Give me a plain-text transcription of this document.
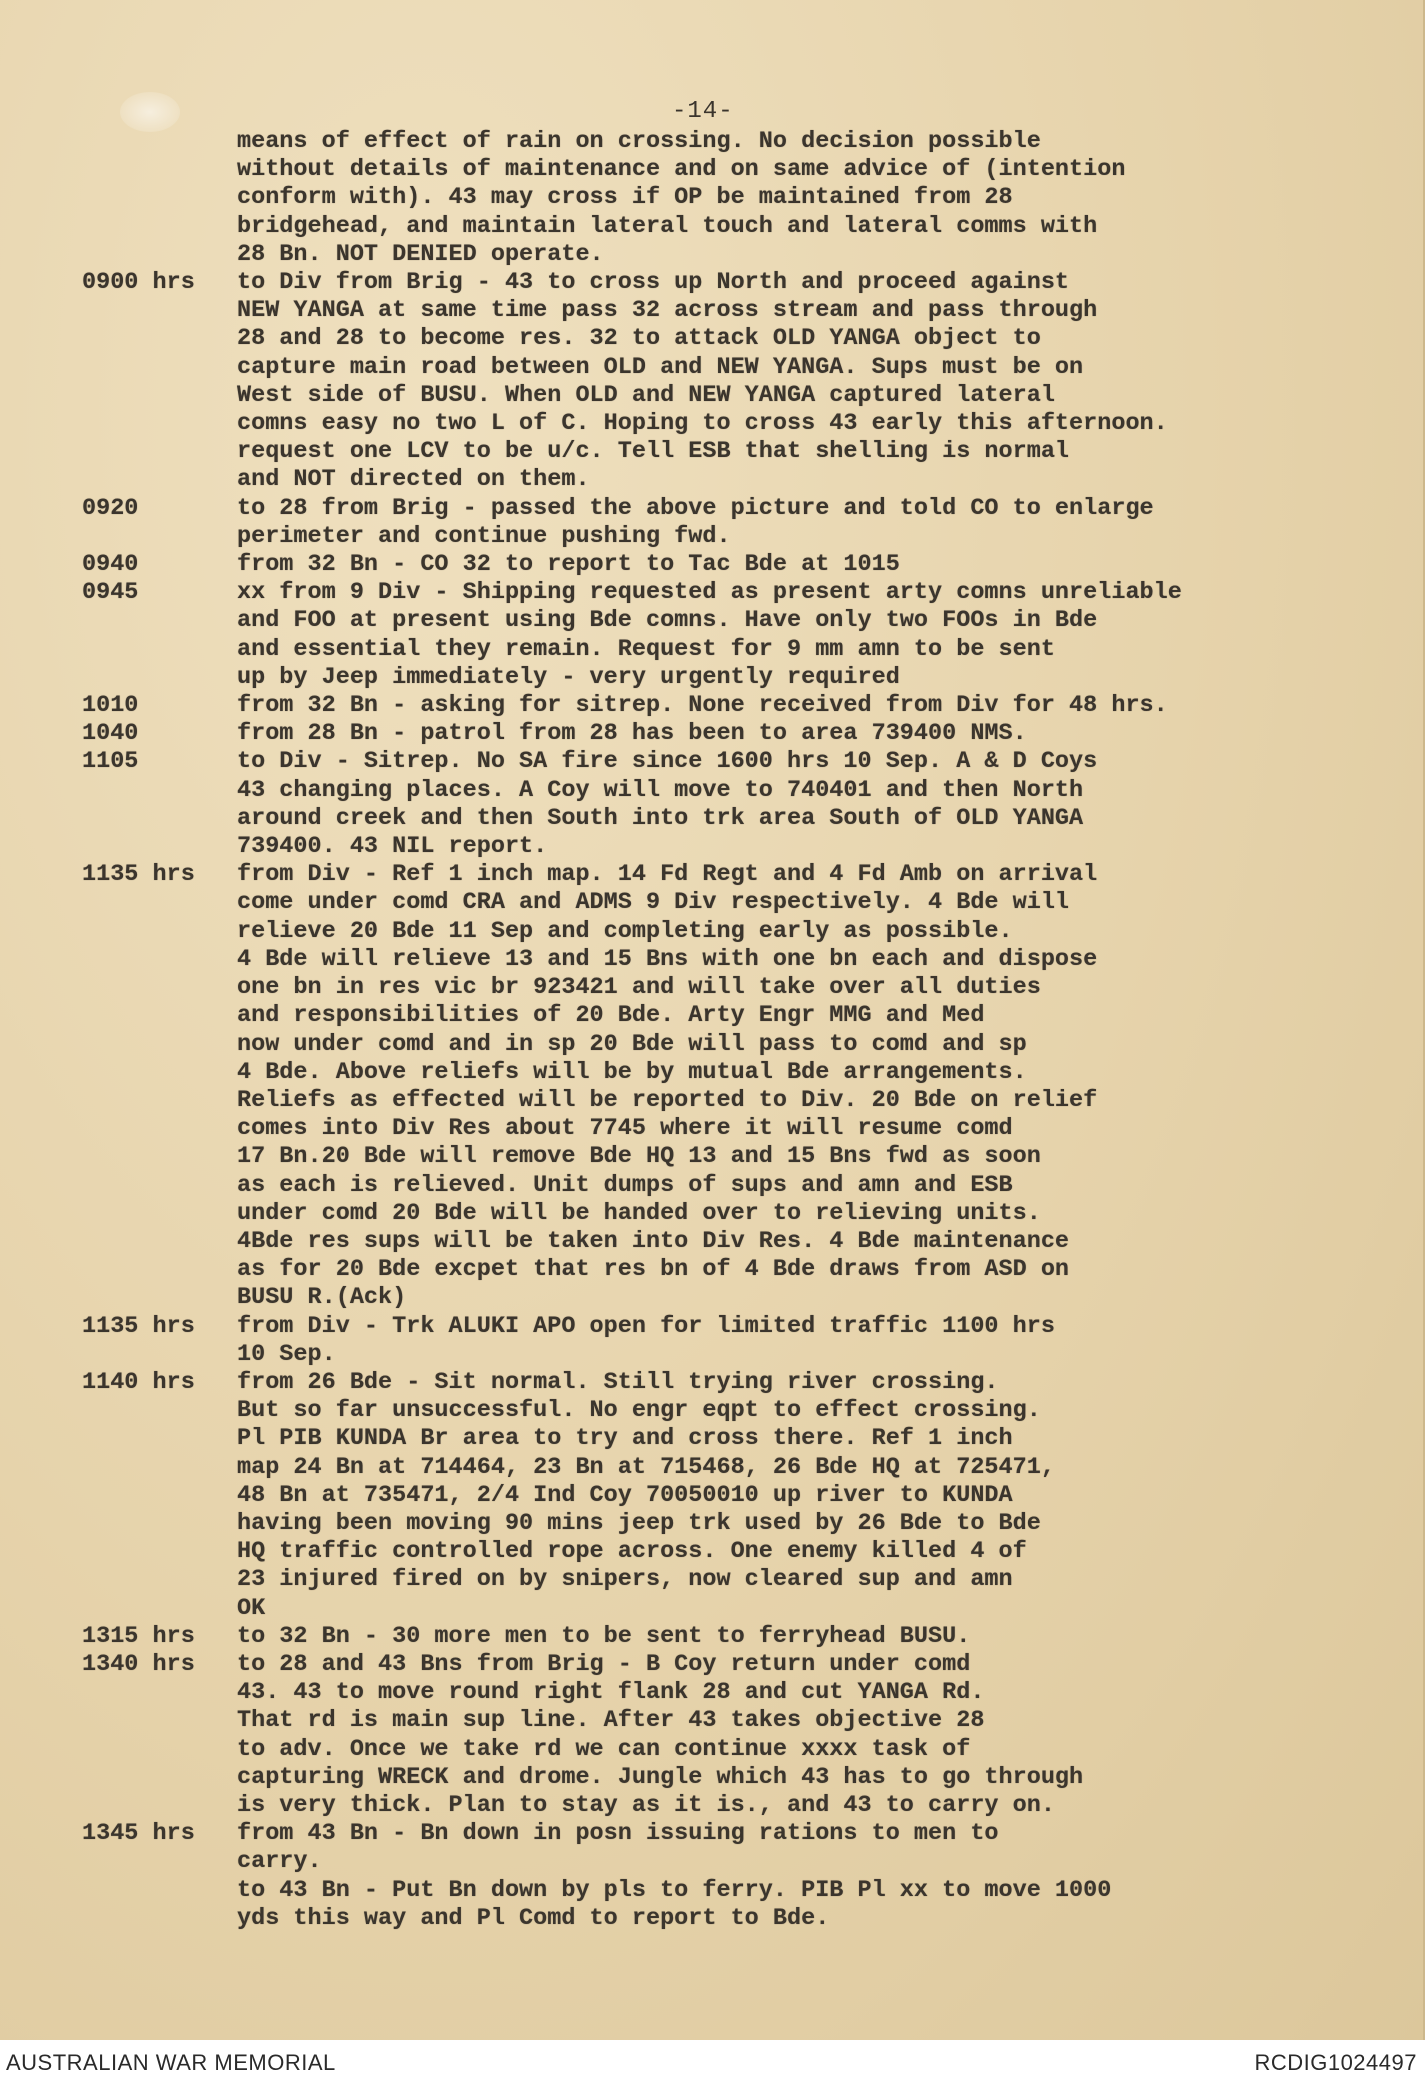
-14-
means of effect of rain on crossing. No decision possible
without details of maintenance and on same advice of (intention
conform with). 43 may cross if OP be maintained from 28
bridgehead, and maintain lateral touch and lateral comms with
28 Bn. NOT DENIED operate.
0900 hrs	to Div from Brig - 43 to cross up North and proceed against
NEW YANGA at same time pass 32 across stream and pass through
28 and 28 to become res. 32 to attack OLD YANGA object to
capture main road between OLD and NEW YANGA. Sups must be on
West side of BUSU. When OLD and NEW YANGA captured lateral
comns easy no two L of C. Hoping to cross 43 early this afternoon.
request one LCV to be u/c. Tell ESB that shelling is normal
and NOT directed on them.
0920	to 28 from Brig - passed the above picture and told CO to enlarge
perimeter and continue pushing fwd.
0940	from 32 Bn - CO 32 to report to Tac Bde at 1015
0945	xx from 9 Div - Shipping requested as present arty comns unreliable
and FOO at present using Bde comns. Have only two FOOs in Bde
and essential they remain. Request for 9 mm amn to be sent
up by Jeep immediately - very urgently required
1010	from 32 Bn - asking for sitrep. None received from Div for 48 hrs.
1040	from 28 Bn - patrol from 28 has been to area 739400 NMS.
1105	to Div - Sitrep. No SA fire since 1600 hrs 10 Sep. A & D Coys
43 changing places. A Coy will move to 740401 and then North
around creek and then South into trk area South of OLD YANGA
739400. 43 NIL report.
1135 hrs	from Div - Ref 1 inch map. 14 Fd Regt and 4 Fd Amb on arrival
come under comd CRA and ADMS 9 Div respectively. 4 Bde will
relieve 20 Bde 11 Sep and completing early as possible.
4 Bde will relieve 13 and 15 Bns with one bn each and dispose
one bn in res vic br 923421 and will take over all duties
and responsibilities of 20 Bde. Arty Engr MMG and Med
now under comd and in sp 20 Bde will pass to comd and sp
4 Bde. Above reliefs will be by mutual Bde arrangements.
Reliefs as effected will be reported to Div. 20 Bde on relief
comes into Div Res about 7745 where it will resume comd
17 Bn.20 Bde will remove Bde HQ 13 and 15 Bns fwd as soon
as each is relieved. Unit dumps of sups and amn and ESB
under comd 20 Bde will be handed over to relieving units.
4Bde res sups will be taken into Div Res. 4 Bde maintenance
as for 20 Bde excpet that res bn of 4 Bde draws from ASD on
BUSU R.(Ack)
1135 hrs	from Div - Trk ALUKI APO open for limited traffic 1100 hrs
10 Sep.
1140 hrs	from 26 Bde - Sit normal. Still trying river crossing.
But so far unsuccessful. No engr eqpt to effect crossing.
Pl PIB KUNDA Br area to try and cross there. Ref 1 inch
map 24 Bn at 714464, 23 Bn at 715468, 26 Bde HQ at 725471,
48 Bn at 735471, 2/4 Ind Coy 70050010 up river to KUNDA
having been moving 90 mins jeep trk used by 26 Bde to Bde
HQ traffic controlled rope across. One enemy killed 4 of
23 injured fired on by snipers, now cleared sup and amn
OK
1315 hrs	to 32 Bn - 30 more men to be sent to ferryhead BUSU.
1340 hrs	to 28 and 43 Bns from Brig - B Coy return under comd
43. 43 to move round right flank 28 and cut YANGA Rd.
That rd is main sup line. After 43 takes objective 28
to adv. Once we take rd we can continue xxxx task of
capturing WRECK and drome. Jungle which 43 has to go through
is very thick. Plan to stay as it is., and 43 to carry on.
1345 hrs	from 43 Bn - Bn down in posn issuing rations to men to
carry.
to 43 Bn - Put Bn down by pls to ferry. PIB Pl xx to move 1000
yds this way and Pl Comd to report to Bde.
AUSTRALIAN WAR MEMORIAL	RCDIG1024497
